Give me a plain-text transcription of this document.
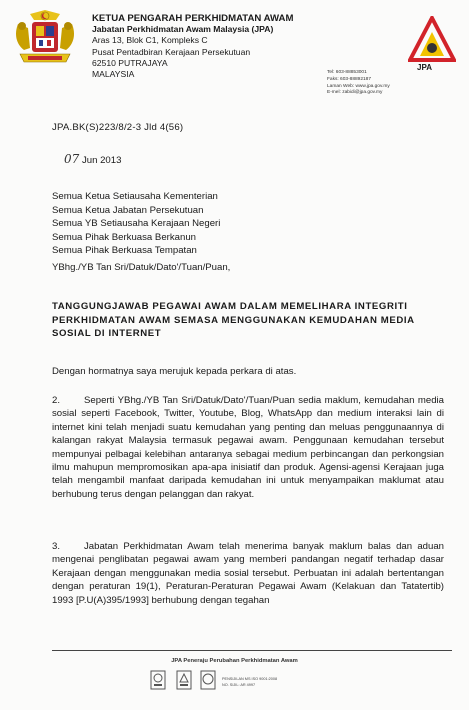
KETUA PENGARAH PERKHIDMATAN AWAM
Jabatan Perkhidmatan Awam Malaysia (JPA)
Aras 13, Blok C1, Kompleks C
Pusat Pentadbiran Kerajaan Persekutuan
62510 PUTRAJAYA
MALAYSIA
JPA
Tel: 603-88853001
Faks: 603-88892187
Laman Web: www.jpa.gov.my
E-mel: zabidi@jpa.gov.my
JPA.BK(S)223/8/2-3 Jld 4(56)
07 Jun 2013
Semua Ketua Setiausaha Kementerian
Semua Ketua Jabatan Persekutuan
Semua YB Setiausaha Kerajaan Negeri
Semua Pihak Berkuasa Berkanun
Semua Pihak Berkuasa Tempatan
YBhg./YB Tan Sri/Datuk/Dato'/Tuan/Puan,
TANGGUNGJAWAB PEGAWAI AWAM DALAM MEMELIHARA INTEGRITI PERKHIDMATAN AWAM SEMASA MENGGUNAKAN KEMUDAHAN MEDIA SOSIAL DI INTERNET
Dengan hormatnya saya merujuk kepada perkara di atas.
2. Seperti YBhg./YB Tan Sri/Datuk/Dato'/Tuan/Puan sedia maklum, kemudahan media sosial seperti Facebook, Twitter, Youtube, Blog, WhatsApp dan medium interaksi lain di internet kini telah menjadi suatu kemudahan yang penting dan meluas penggunaannya di kalangan rakyat Malaysia termasuk pegawai awam. Penggunaan kemudahan tersebut mempunyai pelbagai kelebihan antaranya sebagai medium perbincangan dan perkongsian ilmu mahupun mempromosikan apa-apa inisiatif dan produk. Agensi-agensi Kerajaan juga telah mengambil manfaat daripada kemudahan ini untuk menyampaikan maklumat atau berhubung terus dengan pelanggan dan rakyat.
3. Jabatan Perkhidmatan Awam telah menerima banyak maklum balas dan aduan mengenai penglibatan pegawai awam yang memberi pandangan negatif terhadap dasar Kerajaan dengan menggunakan media sosial tersebut. Perbuatan ini adalah bertentangan dengan peraturan 19(1), Peraturan-Peraturan Pegawai Awam (Kelakuan dan Tatatertib) 1993 [P.U(A)395/1993] berhubung dengan tegahan
JPA Peneraju Perubahan Perkhidmatan Awam
PENSIJILAN MS ISO 9001:2008
NO. SIJIL: AR 4997
